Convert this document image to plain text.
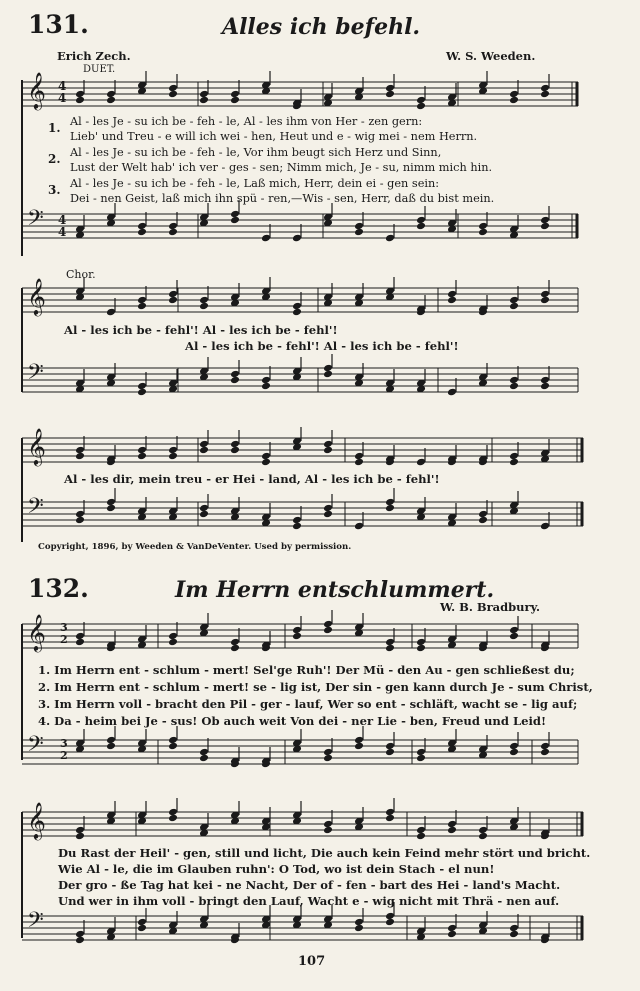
131.	Alles ich befehl.
Erich Zech.	W. S. Weeden.
DUET.
𝄞 4
4
1. Al - les Je - su ich be - feh - le, Al - les ihm von Her - zen gern:
Lieb' und Treu - e will ich wei - hen, Heut und e - wig mei - nem Herrn.
2. Al - les Je - su ich be - feh - le, Vor ihm beugt sich Herz und Sinn,
Lust der Welt hab' ich ver - ges - sen; Nimm mich, Je - su, nimm mich hin.
3. Al - les Je - su ich be - feh - le, Laß mich, Herr, dein ei - gen sein:
Dei - nen Geist, laß mich ihn spü - ren,—Wis - sen, Herr, daß du bist mein.
𝄢 4
4
Chor.
𝄞
Al - les ich be - fehl'! Al - les ich be - fehl'!
Al - les ich be - fehl'! Al - les ich be - fehl'!
𝄢
𝄞
Al - les dir, mein treu - er Hei - land, Al - les ich be - fehl'!
𝄢
Copyright, 1896, by Weeden & VanDeVenter. Used by permission.
132.	Im Herrn entschlummert.
W. B. Bradbury.
𝄞 3
2
1. Im Herrn ent - schlum - mert! Sel'ge Ruh'! Der Mü - den Au - gen schließest du;
2. Im Herrn ent - schlum - mert! se - lig ist, Der sin - gen kann durch Je - sum Christ,
3. Im Herrn voll - bracht den Pil - ger - lauf, Wer so ent - schläft, wacht se - lig auf;
4. Da - heim bei Je - sus! Ob auch weit Von dei - ner Lie - ben, Freud und Leid!
𝄢 3
2
𝄞
Du Rast der Heil' - gen, still und licht, Die auch kein Feind mehr stört und bricht.
Wie Al - le, die im Glauben ruhn': O Tod, wo ist dein Stach - el nun!
Der gro - ße Tag hat kei - ne Nacht, Der of - fen - bart des Hei - land's Macht.
Und wer in ihm voll - bringt den Lauf, Wacht e - wig nicht mit Thrä - nen auf.
𝄢
107
